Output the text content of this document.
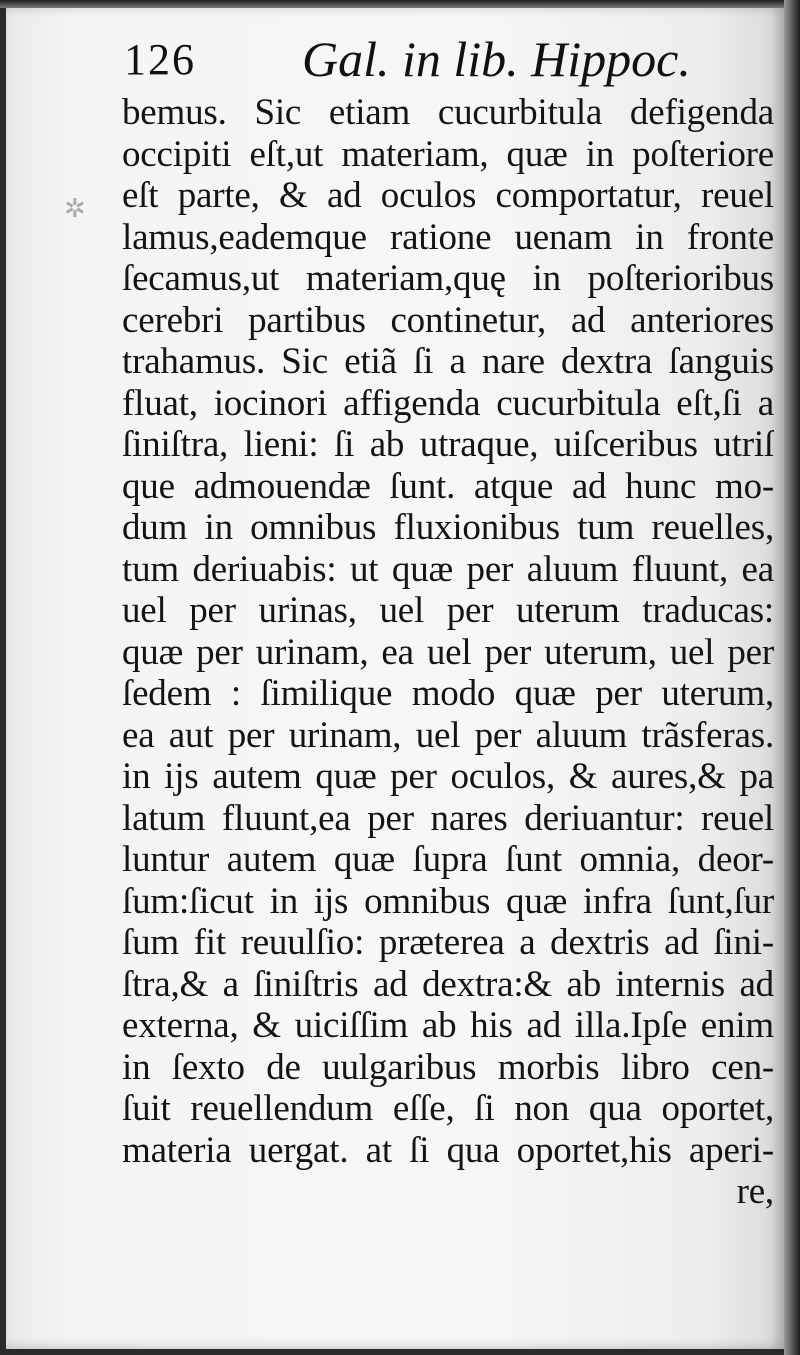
126 Gal. in lib. Hippoc.
✲
bemus. Sic etiam cucurbitula defigenda
occipiti eſt,ut materiam, quæ in poſteriore
eſt parte, & ad oculos comportatur, reuel
lamus,eademque ratione uenam in fronte
ſecamus,ut materiam,quę in poſterioribus
cerebri partibus continetur, ad anteriores
trahamus. Sic etiã ſi a nare dextra ſanguis
fluat, iocinori affigenda cucurbitula eſt,ſi a
ſiniſtra, lieni: ſi ab utraque, uiſceribus utriſ
que admouendæ ſunt. atque ad hunc mo-
dum in omnibus fluxionibus tum reuelles,
tum deriuabis: ut quæ per aluum fluunt, ea
uel per urinas, uel per uterum traducas:
quæ per urinam, ea uel per uterum, uel per
ſedem : ſimilique modo quæ per uterum,
ea aut per urinam, uel per aluum trãsferas.
in ijs autem quæ per oculos, & aures,& pa
latum fluunt,ea per nares deriuantur: reuel
luntur autem quæ ſupra ſunt omnia, deor-
ſum:ſicut in ijs omnibus quæ infra ſunt,ſur
ſum fit reuulſio: præterea a dextris ad ſini-
ſtra,& a ſiniſtris ad dextra:& ab internis ad
externa, & uiciſſim ab his ad illa.Ipſe enim
in ſexto de uulgaribus morbis libro cen-
ſuit reuellendum eſſe, ſi non qua oportet,
materia uergat. at ſi qua oportet,his aperi-
re,
